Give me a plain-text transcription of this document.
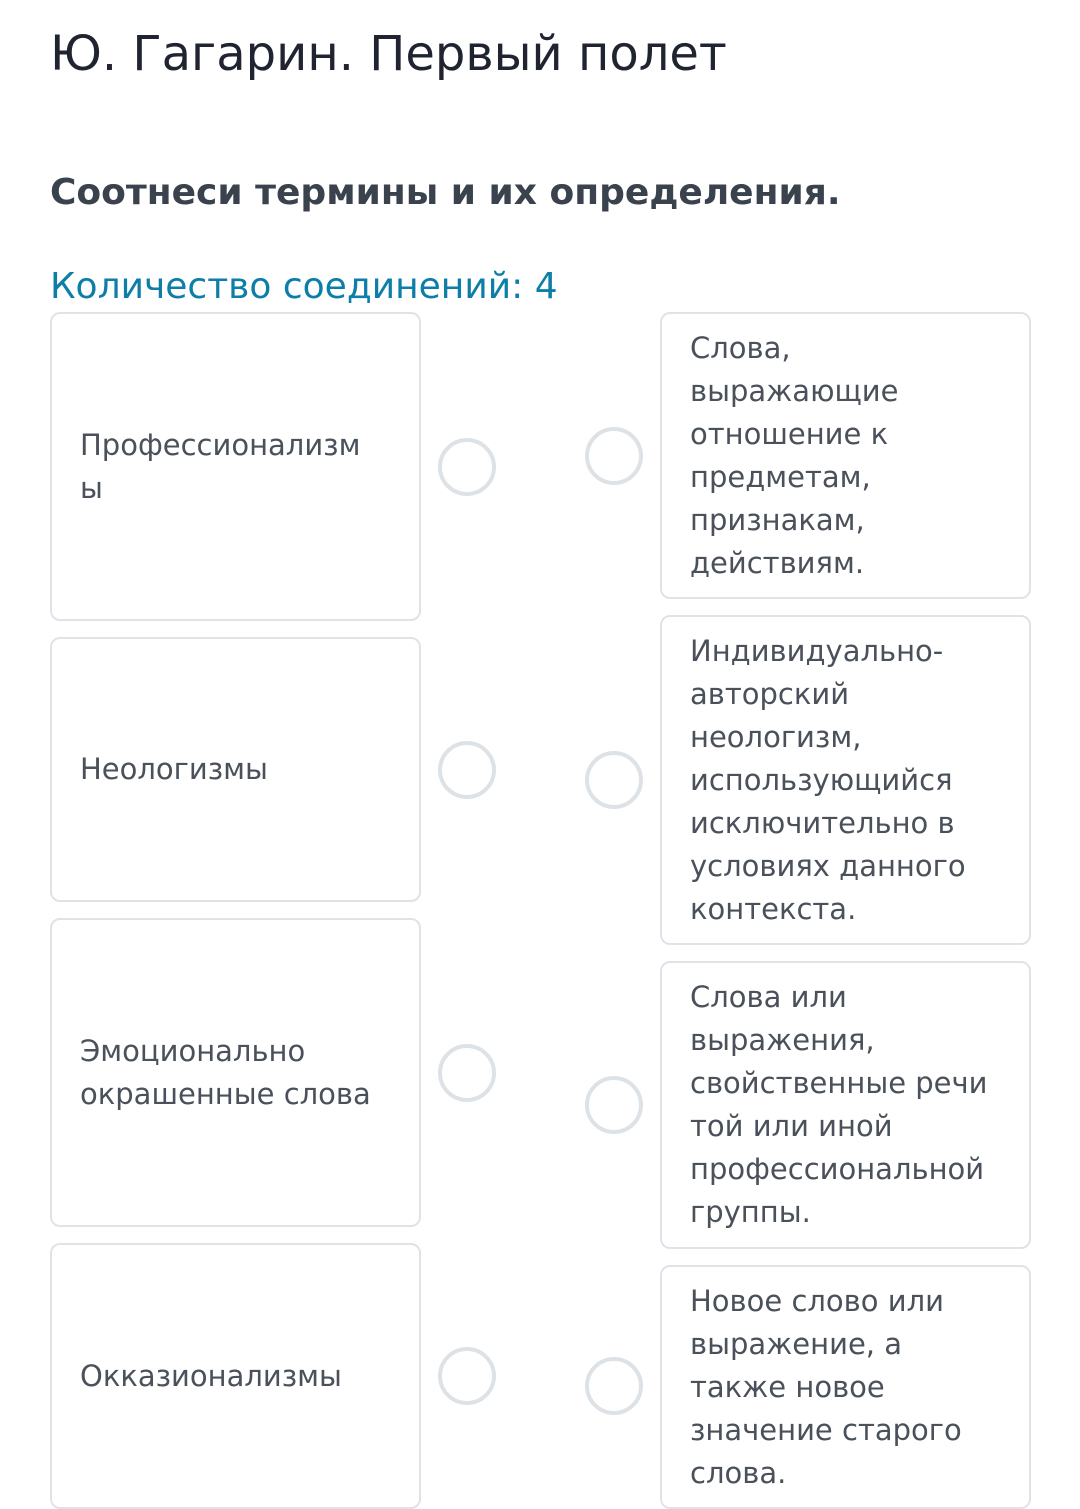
Ю. Гагарин. Первый полет
Соотнеси термины и их определения.
Количество соединений: 4
Профессионализм
ы
Неологизмы
Эмоционально окрашенные слова
Окказионализмы
Слова, выражающие отношение к предметам, признакам, действиям.
Индивидуально-авторский неологизм, использующийся исключительно в условиях данного контекста.
Слова или выражения, свойственные речи той или иной профессиональной группы.
Новое слово или выражение, а также новое значение старого слова.
